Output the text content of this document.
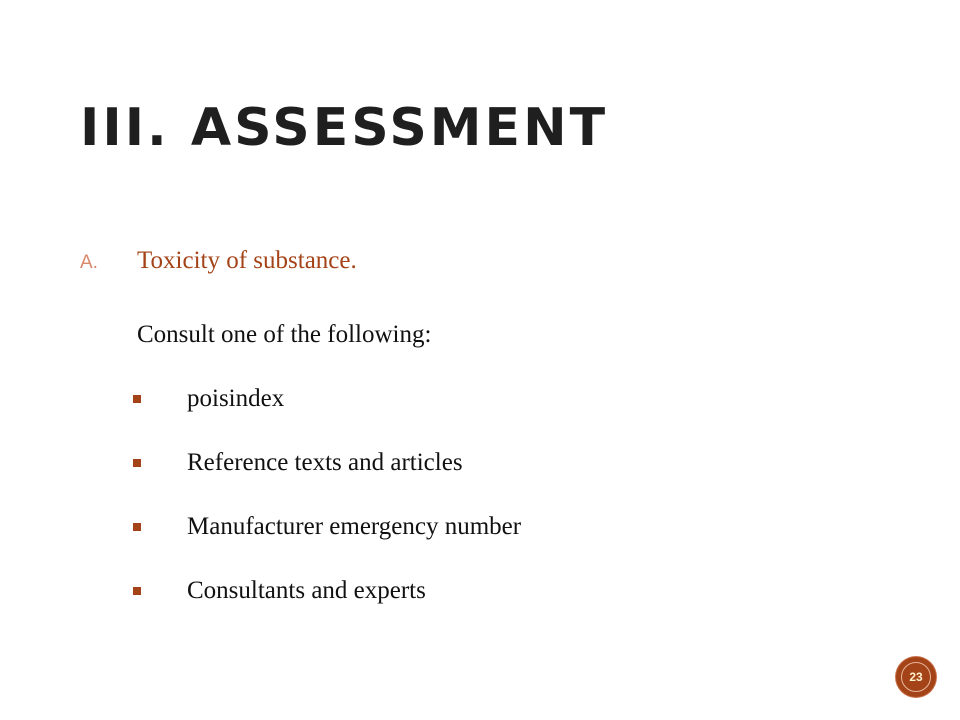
III. ASSESSMENT
A. Toxicity of substance.
Consult one of the following:
poisindex
Reference texts and articles
Manufacturer emergency number
Consultants and experts
23
